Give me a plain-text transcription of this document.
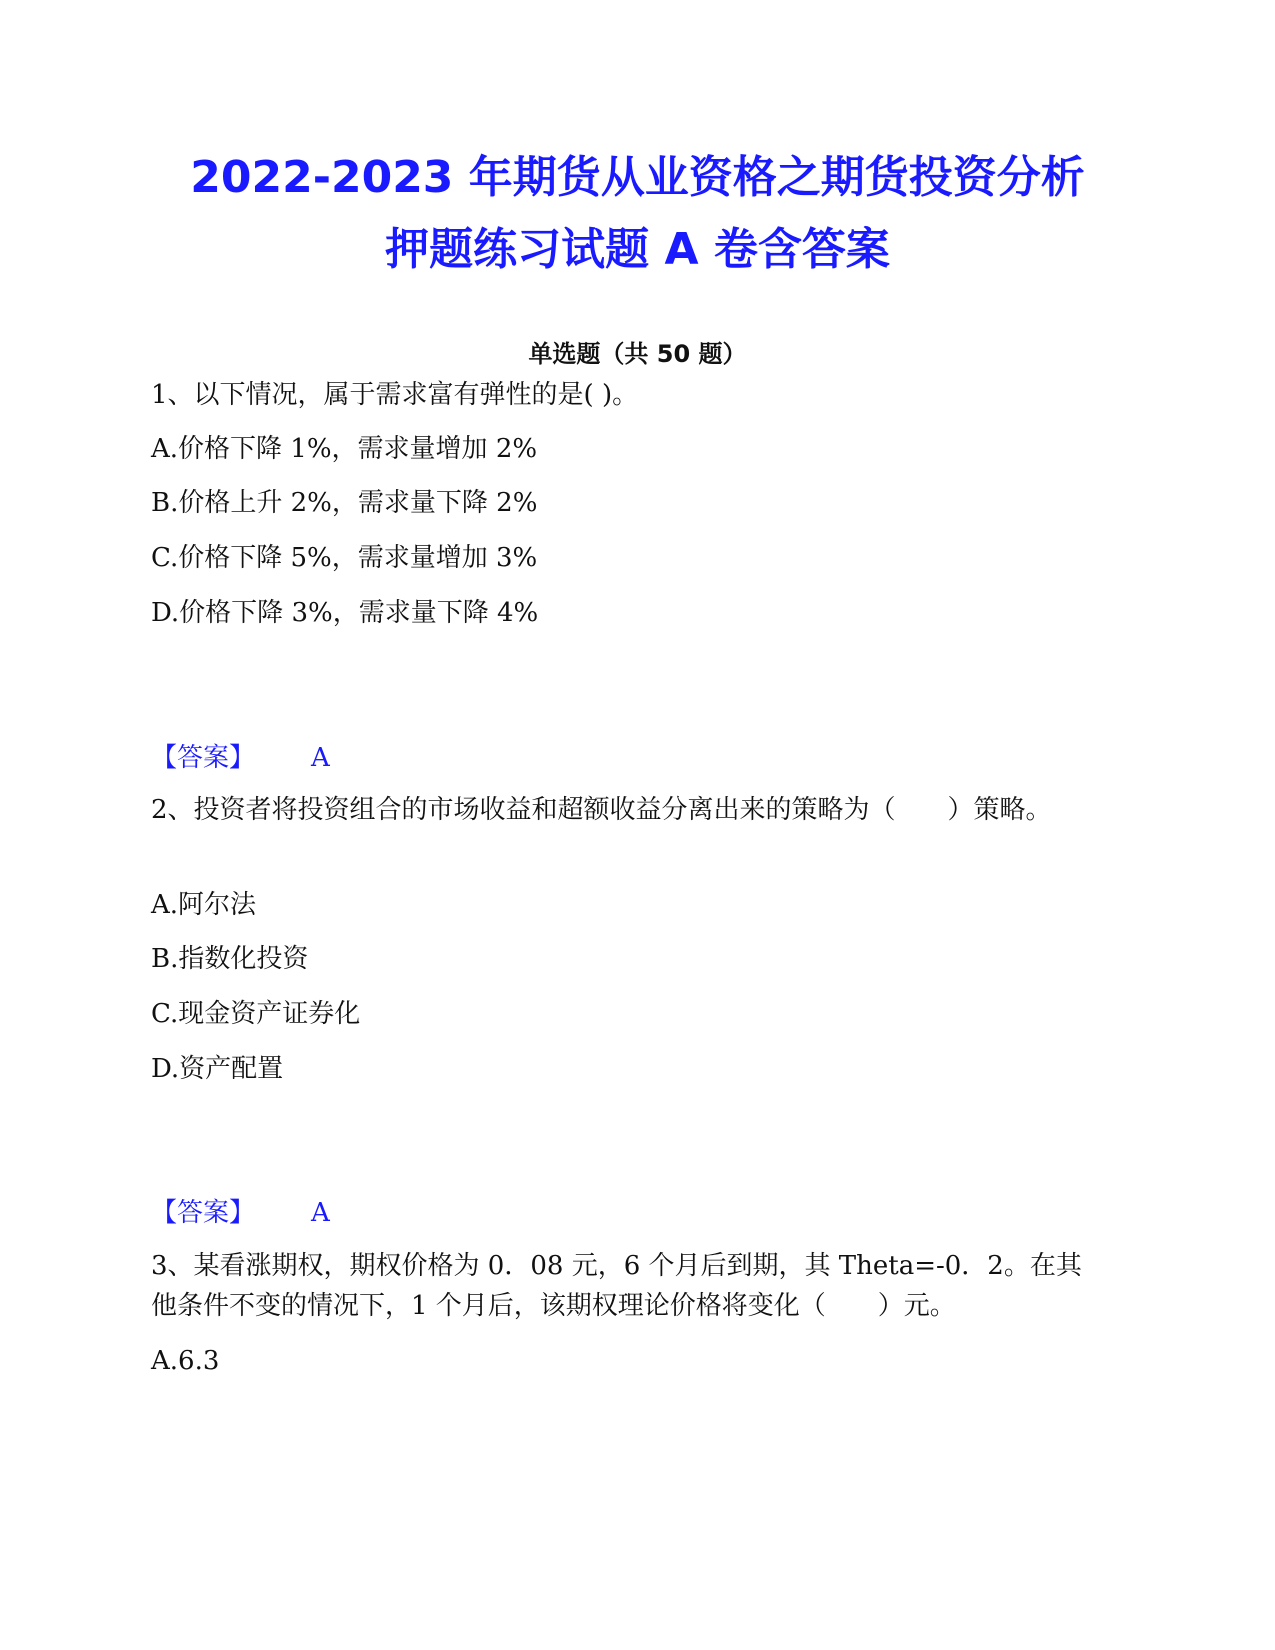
2022-2023 年期货从业资格之期货投资分析
押题练习试题 A 卷含答案
单选题（共 50 题）
1、以下情况，属于需求富有弹性的是( )。
A.价格下降 1%，需求量增加 2%
B.价格上升 2%，需求量下降 2%
C.价格下降 5%，需求量增加 3%
D.价格下降 3%，需求量下降 4%
【答案】 A
2、投资者将投资组合的市场收益和超额收益分离出来的策略为（　　）策略。
A.阿尔法
B.指数化投资
C.现金资产证券化
D.资产配置
【答案】 A
3、某看涨期权，期权价格为 0．08 元，6 个月后到期，其 Theta=-0．2。在其他条件不变的情况下，1 个月后，该期权理论价格将变化（　　）元。
A.6.3
